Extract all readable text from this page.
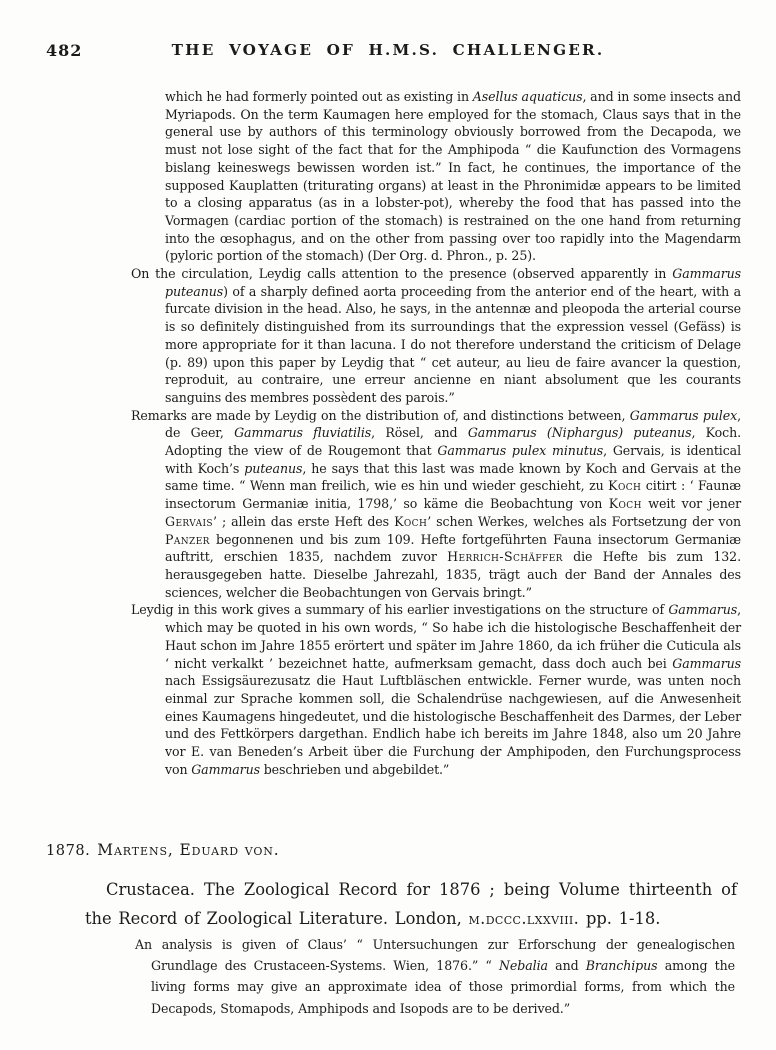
482	THE VOYAGE OF H.M.S. CHALLENGER.
which he had formerly pointed out as existing in Asellus aquaticus, and in some insects and Myriapods. On the term Kaumagen here employed for the stomach, Claus says that in the general use by authors of this terminology obviously borrowed from the Decapoda, we must not lose sight of the fact that for the Amphipoda “ die Kaufunction des Vormagens bislang keineswegs bewissen worden ist.” In fact, he continues, the importance of the supposed Kauplatten (triturating organs) at least in the Phronimidæ appears to be limited to a closing apparatus (as in a lobster-pot), whereby the food that has passed into the Vormagen (cardiac portion of the stomach) is restrained on the one hand from returning into the œsophagus, and on the other from passing over too rapidly into the Magendarm (pyloric portion of the stomach) (Der Org. d. Phron., p. 25).
On the circulation, Leydig calls attention to the presence (observed apparently in Gammarus puteanus) of a sharply defined aorta proceeding from the anterior end of the heart, with a furcate division in the head. Also, he says, in the antennæ and pleopoda the arterial course is so definitely distinguished from its surroundings that the expression vessel (Gefäss) is more appropriate for it than lacuna. I do not therefore understand the criticism of Delage (p. 89) upon this paper by Leydig that “ cet auteur, au lieu de faire avancer la question, reproduit, au contraire, une erreur ancienne en niant absolument que les courants sanguins des membres possèdent des parois.”
Remarks are made by Leydig on the distribution of, and distinctions between, Gammarus pulex, de Geer, Gammarus fluviatilis, Rösel, and Gammarus (Niphargus) puteanus, Koch. Adopting the view of de Rougemont that Gammarus pulex minutus, Gervais, is identical with Koch’s puteanus, he says that this last was made known by Koch and Gervais at the same time. “ Wenn man freilich, wie es hin und wieder geschieht, zu Koch citirt : ‘ Faunæ insectorum Germaniæ initia, 1798,’ so käme die Beobachtung von Koch weit vor jener Gervais’ ; allein das erste Heft des Koch’ schen Werkes, welches als Fortsetzung der von Panzer begonnenen und bis zum 109. Hefte fortgeführten Fauna insectorum Germaniæ auftritt, erschien 1835, nachdem zuvor Herrich-Schäffer die Hefte bis zum 132. herausgegeben hatte. Dieselbe Jahrezahl, 1835, trägt auch der Band der Annales des sciences, welcher die Beobachtungen von Gervais bringt.”
Leydig in this work gives a summary of his earlier investigations on the structure of Gammarus, which may be quoted in his own words, “ So habe ich die histologische Beschaffenheit der Haut schon im Jahre 1855 erörtert und später im Jahre 1860, da ich früher die Cuticula als ‘ nicht verkalkt ’ bezeichnet hatte, aufmerksam gemacht, dass doch auch bei Gammarus nach Essigsäurezusatz die Haut Luftbläschen entwickle. Ferner wurde, was unten noch einmal zur Sprache kommen soll, die Schalendrüse nachgewiesen, auf die Anwesenheit eines Kaumagens hingedeutet, und die histologische Beschaffenheit des Darmes, der Leber und des Fettkörpers dargethan. Endlich habe ich bereits im Jahre 1848, also um 20 Jahre vor E. van Beneden’s Arbeit über die Furchung der Amphipoden, den Furchungsprocess von Gammarus beschrieben und abgebildet.”
1878. Martens, Eduard von.
Crustacea. The Zoological Record for 1876 ; being Volume thirteenth of the Record of Zoological Literature. London, m.dccc.lxxviii. pp. 1-18.
An analysis is given of Claus’ “ Untersuchungen zur Erforschung der genealogischen Grundlage des Crustaceen-Systems. Wien, 1876.” “ Nebalia and Branchipus among the living forms may give an approximate idea of those primordial forms, from which the Decapods, Stomapods, Amphipods and Isopods are to be derived.”
